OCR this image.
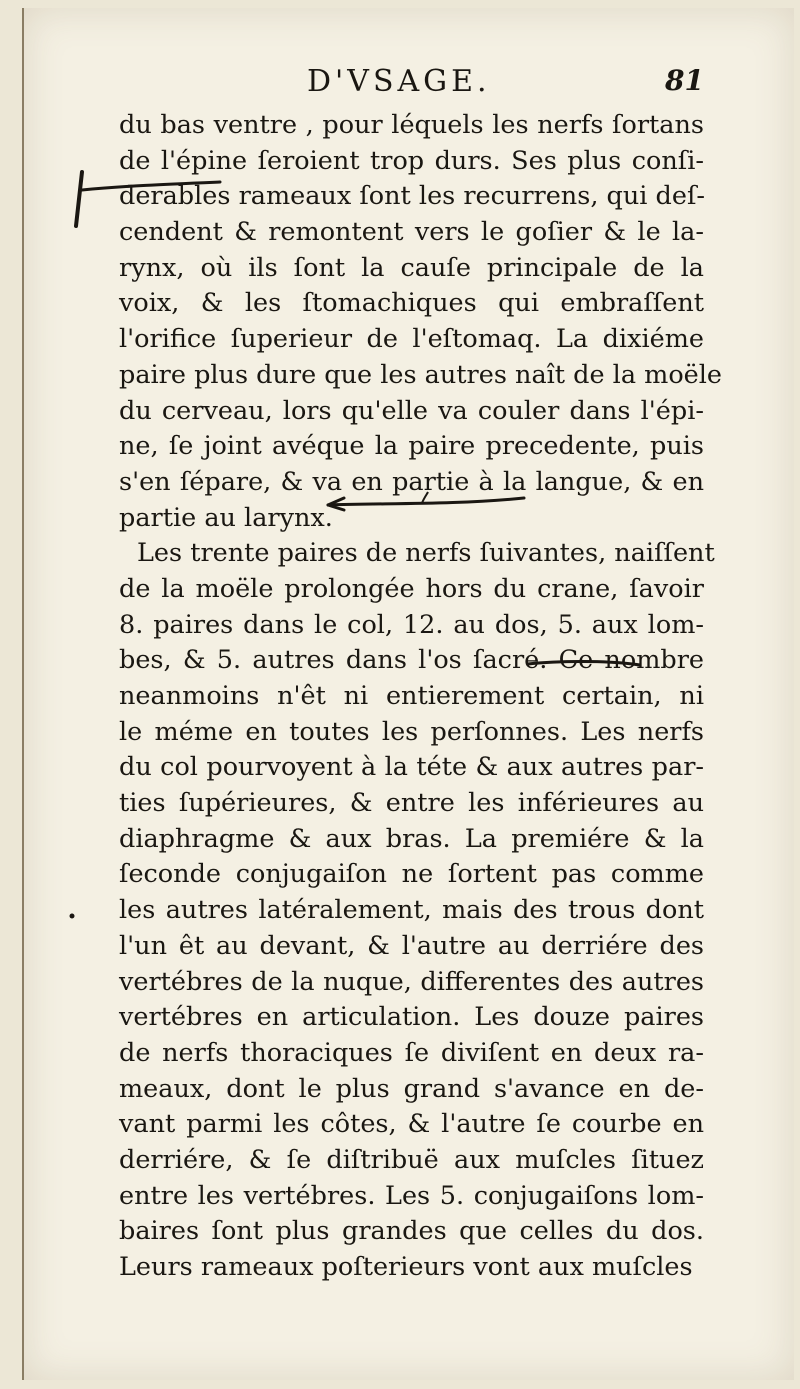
D'VSAGE.	81
du bas ventre , pour léquels les nerfs ſortans
de l'épine ſeroient trop durs. Ses plus conſi-
derables rameaux ſont les recurrens, qui deſ-
cendent & remontent vers le goſier & le la-
rynx, où ils ſont la cauſe principale de la
voix, & les ſtomachiques qui embraſſent
l'orifice ſuperieur de l'eſtomaq. La dixiéme
paire plus dure que les autres naît de la moële
du cerveau, lors qu'elle va couler dans l'épi-
ne, ſe joint avéque la paire precedente, puis
s'en ſépare, & va en partie à la langue, & en
partie au larynx.
Les trente paires de nerfs ſuivantes, naiſſent
de la moële prolongée hors du crane, ſavoir
8. paires dans le col, 12. au dos, 5. aux lom-
bes, & 5. autres dans l'os ſacré. Ce nombre
neanmoins n'êt ni entierement certain, ni
le méme en toutes les perſonnes. Les nerfs
du col pourvoyent à la téte & aux autres par-
ties ſupérieures, & entre les inférieures au
diaphragme & aux bras. La premiére & la
ſeconde conjugaiſon ne ſortent pas comme
les autres latéralement, mais des trous dont
l'un êt au devant, & l'autre au derriére des
vertébres de la nuque, differentes des autres
vertébres en articulation. Les douze paires
de nerfs thoraciques ſe diviſent en deux ra-
meaux, dont le plus grand s'avance en de-
vant parmi les côtes, & l'autre ſe courbe en
derriére, & ſe diſtribuë aux muſcles ſituez
entre les vertébres. Les 5. conjugaiſons lom-
baires ſont plus grandes que celles du dos.
Leurs rameaux poſterieurs vont aux muſcles
